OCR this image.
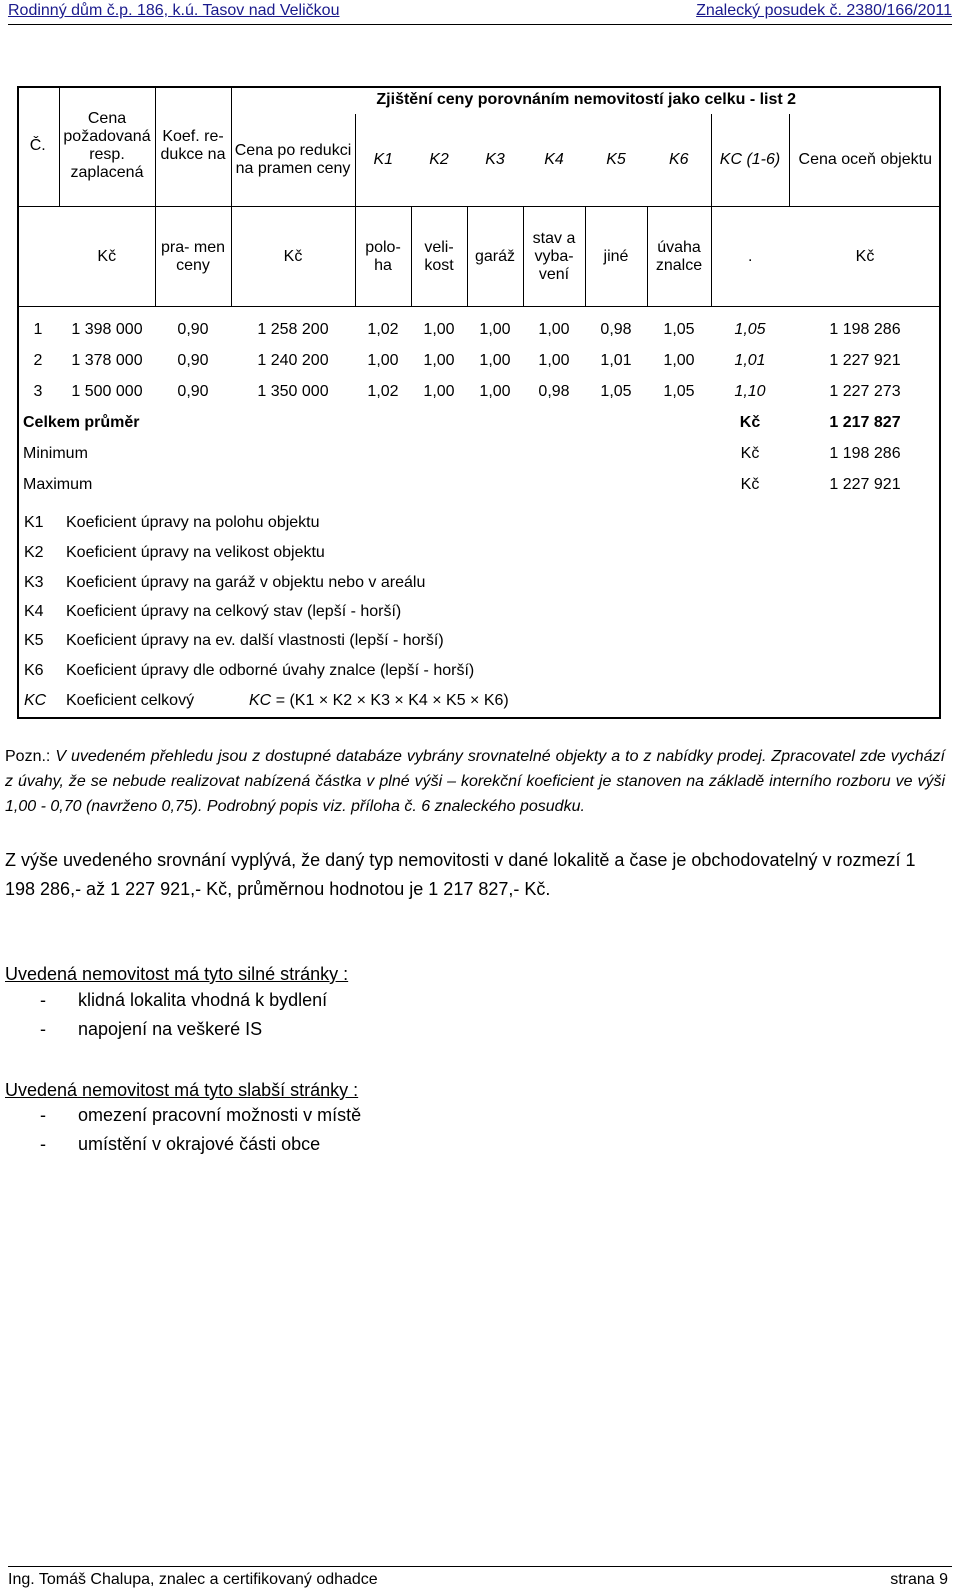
Rodinný dům č.p. 186, k.ú. Tasov nad Veličkou	Znalecký posudek č. 2380/166/2011
Č.	Cena požadovaná resp. zaplacená	Koef. re- dukce na	Zjištění ceny porovnáním nemovitostí jako celku - list 2								
			Cena po redukci na pramen ceny	K1	K2	K3	K4	K5	K6	KC (1-6)	Cena oceň objektu
	Kč	pra- men ceny	Kč	polo- ha	veli- kost	garáž	stav a vyba- vení	jiné	úvaha znalce	.	Kč

1	1 398 000	0,90	1 258 200	1,02	1,00	1,00	1,00	0,98	1,05	1,05	1 198 286
2	1 378 000	0,90	1 240 200	1,00	1,00	1,00	1,00	1,01	1,00	1,01	1 227 921
3	1 500 000	0,90	1 350 000	1,02	1,00	1,00	0,98	1,05	1,05	1,10	1 227 273
Celkem průměr										Kč	1 217 827
Minimum										Kč	1 198 286
Maximum										Kč	1 227 921
K1	Koeficient úpravy na polohu objektu
K2	Koeficient úpravy na velikost objektu
K3	Koeficient úpravy na garáž v objektu nebo v areálu
K4	Koeficient úpravy na celkový stav (lepší - horší)
K5	Koeficient úpravy na ev. další vlastnosti (lepší - horší)
K6	Koeficient úpravy dle odborné úvahy znalce (lepší - horší)
KC	Koeficient celkový	KC = (K1 × K2 × K3 × K4 × K5 × K6)
Pozn.: V uvedeném přehledu jsou z dostupné databáze vybrány srovnatelné objekty a to z nabídky prodej. Zpracovatel zde vychází z úvahy, že se nebude realizovat nabízená částka v plné výši – korekční koeficient je stanoven na základě interního rozboru ve výši 1,00 - 0,70 (navrženo 0,75). Podrobný popis viz. příloha č. 6 znaleckého posudku.
Z výše uvedeného srovnání vyplývá, že daný typ nemovitosti v dané lokalitě a čase je obchodovatelný v rozmezí 1 198 286,- až 1 227 921,- Kč, průměrnou hodnotou je 1 217 827,- Kč.
Uvedená nemovitost má tyto silné stránky :
- klidná lokalita vhodná k bydlení
- napojení na veškeré IS
Uvedená nemovitost má tyto slabší stránky :
- omezení pracovní možnosti v místě
- umístění v okrajové části obce
Ing. Tomáš Chalupa, znalec a certifikovaný odhadce	strana 9
